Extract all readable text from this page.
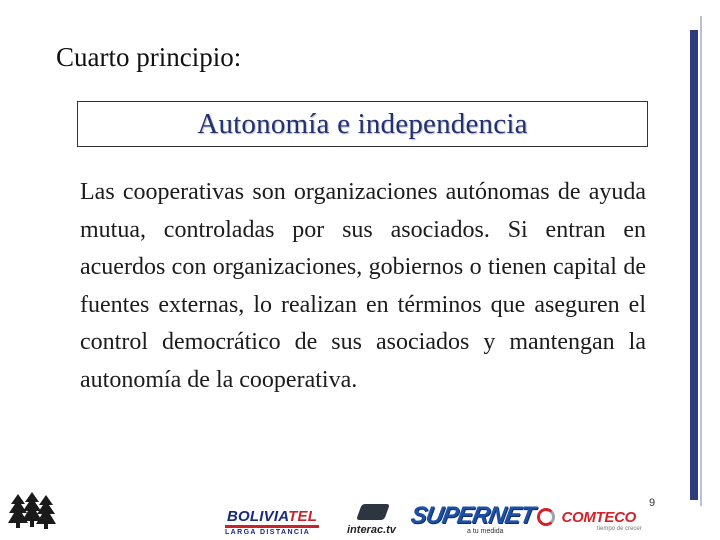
Cuarto principio:
Autonomía e independencia
Las cooperativas son organizaciones autónomas de ayuda mutua, controladas por sus asociados. Si entran en acuerdos con organizaciones, gobiernos o tienen capital de fuentes externas, lo realizan en términos que aseguren el control democrático de sus asociados y mantengan la autonomía de la cooperativa.
9
BOLIVIATEL
LARGA DISTANCIA	interac.tv
SUPERNET
a tu medida
COMTECO
tiempo de crecer
